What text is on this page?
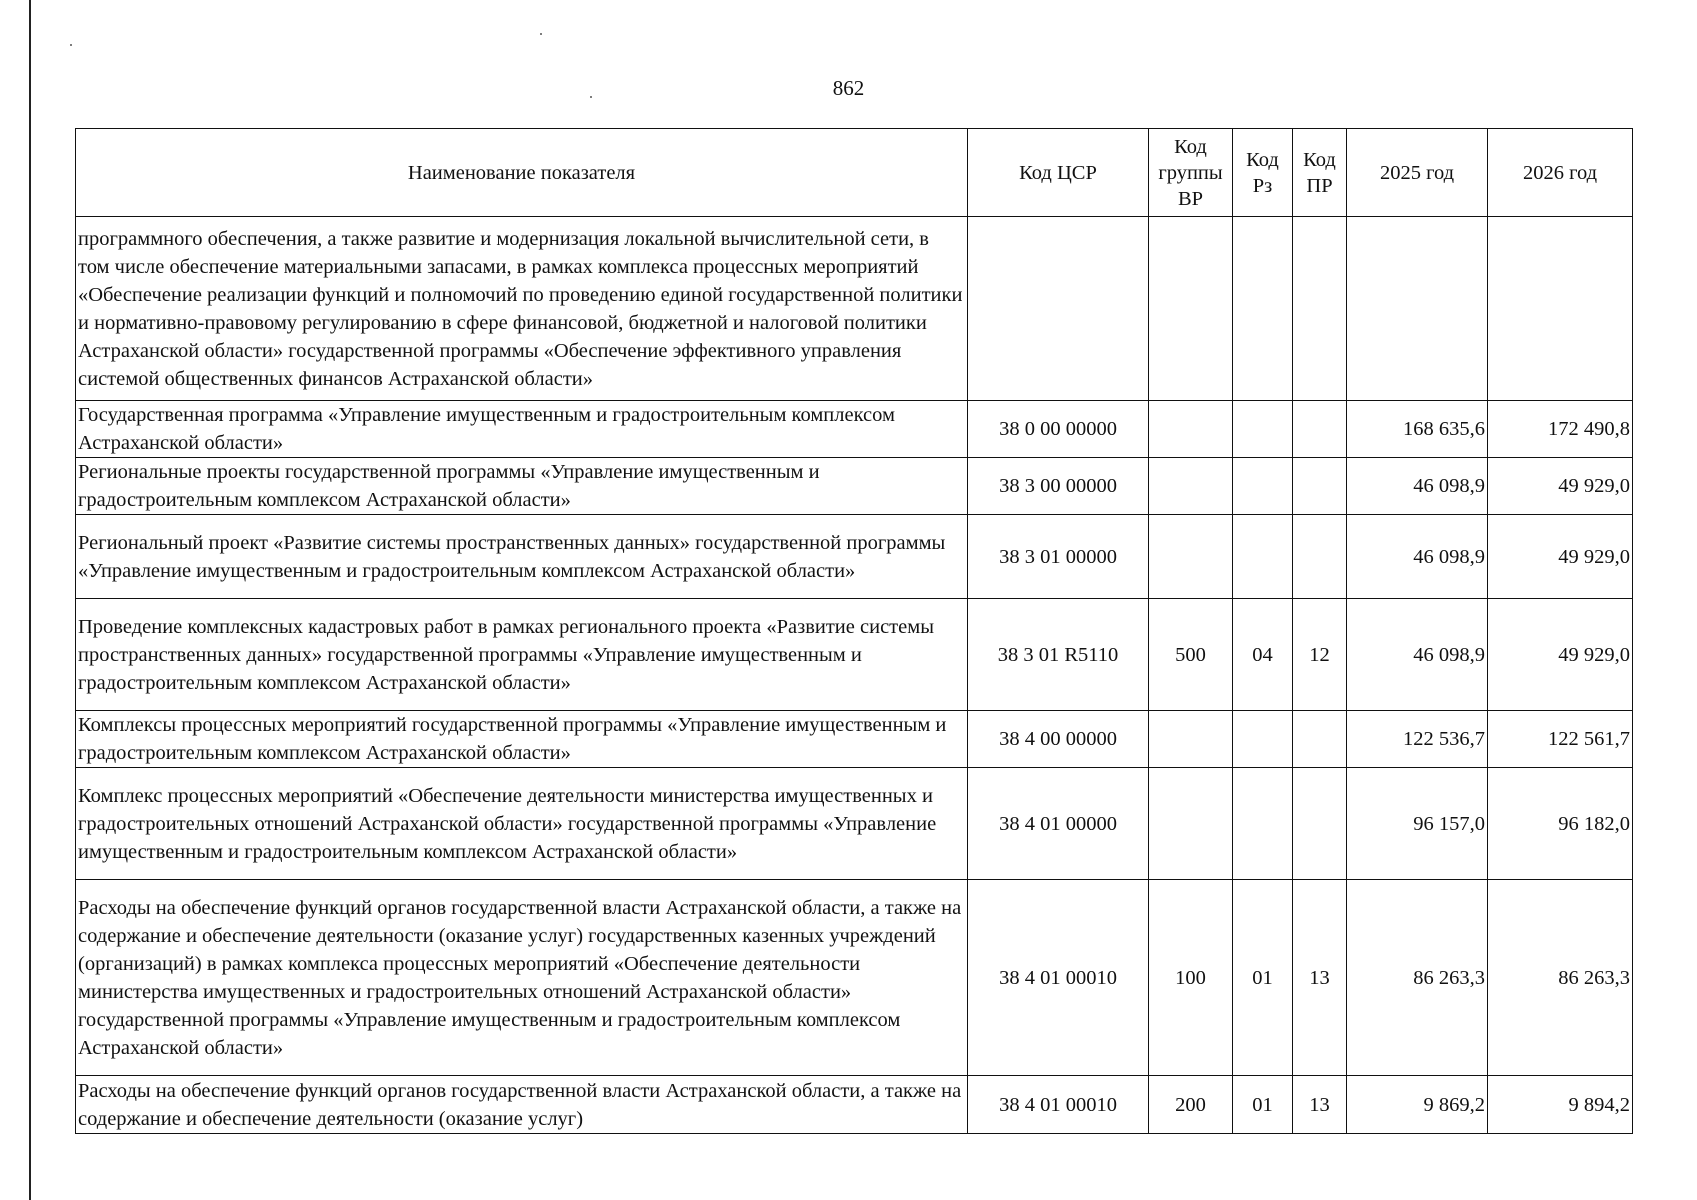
862
Наименование показателя	Код ЦСР	Код группы ВР	Код Рз	Код ПР	2025 год	2026 год
программного обеспечения, а также развитие и модернизация локальной вычислительной сети, в том числе обеспечение материальными запасами, в рамках комплекса процессных мероприятий «Обеспечение реализации функций и полномочий по проведению единой государственной политики и нормативно-правовому регулированию в сфере финансовой, бюджетной и налоговой политики Астраханской области» государственной программы «Обеспечение эффективного управления системой общественных финансов Астраханской области»						
Государственная программа «Управление имущественным и градостроительным комплексом Астраханской области»	38 0 00 00000				168 635,6	172 490,8
Региональные проекты государственной программы «Управление имущественным и градостроительным комплексом Астраханской области»	38 3 00 00000				46 098,9	49 929,0
Региональный проект «Развитие системы пространственных данных» государственной программы «Управление имущественным и градостроительным комплексом Астраханской области»	38 3 01 00000				46 098,9	49 929,0
Проведение комплексных кадастровых работ в рамках регионального проекта «Развитие системы пространственных данных» государственной программы «Управление имущественным и градостроительным комплексом Астраханской области»	38 3 01 R5110	500	04	12	46 098,9	49 929,0
Комплексы процессных мероприятий государственной программы «Управление имущественным и градостроительным комплексом Астраханской области»	38 4 00 00000				122 536,7	122 561,7
Комплекс процессных мероприятий «Обеспечение деятельности министерства имущественных и градостроительных отношений Астраханской области» государственной программы «Управление имущественным и градостроительным комплексом Астраханской области»	38 4 01 00000				96 157,0	96 182,0
Расходы на обеспечение функций органов государственной власти Астраханской области, а также на содержание и обеспечение деятельности (оказание услуг) государственных казенных учреждений (организаций) в рамках комплекса процессных мероприятий «Обеспечение деятельности министерства имущественных и градостроительных отношений Астраханской области» государственной программы «Управление имущественным и градостроительным комплексом Астраханской области»	38 4 01 00010	100	01	13	86 263,3	86 263,3
Расходы на обеспечение функций органов государственной власти Астраханской области, а также на содержание и обеспечение деятельности (оказание услуг)	38 4 01 00010	200	01	13	9 869,2	9 894,2
